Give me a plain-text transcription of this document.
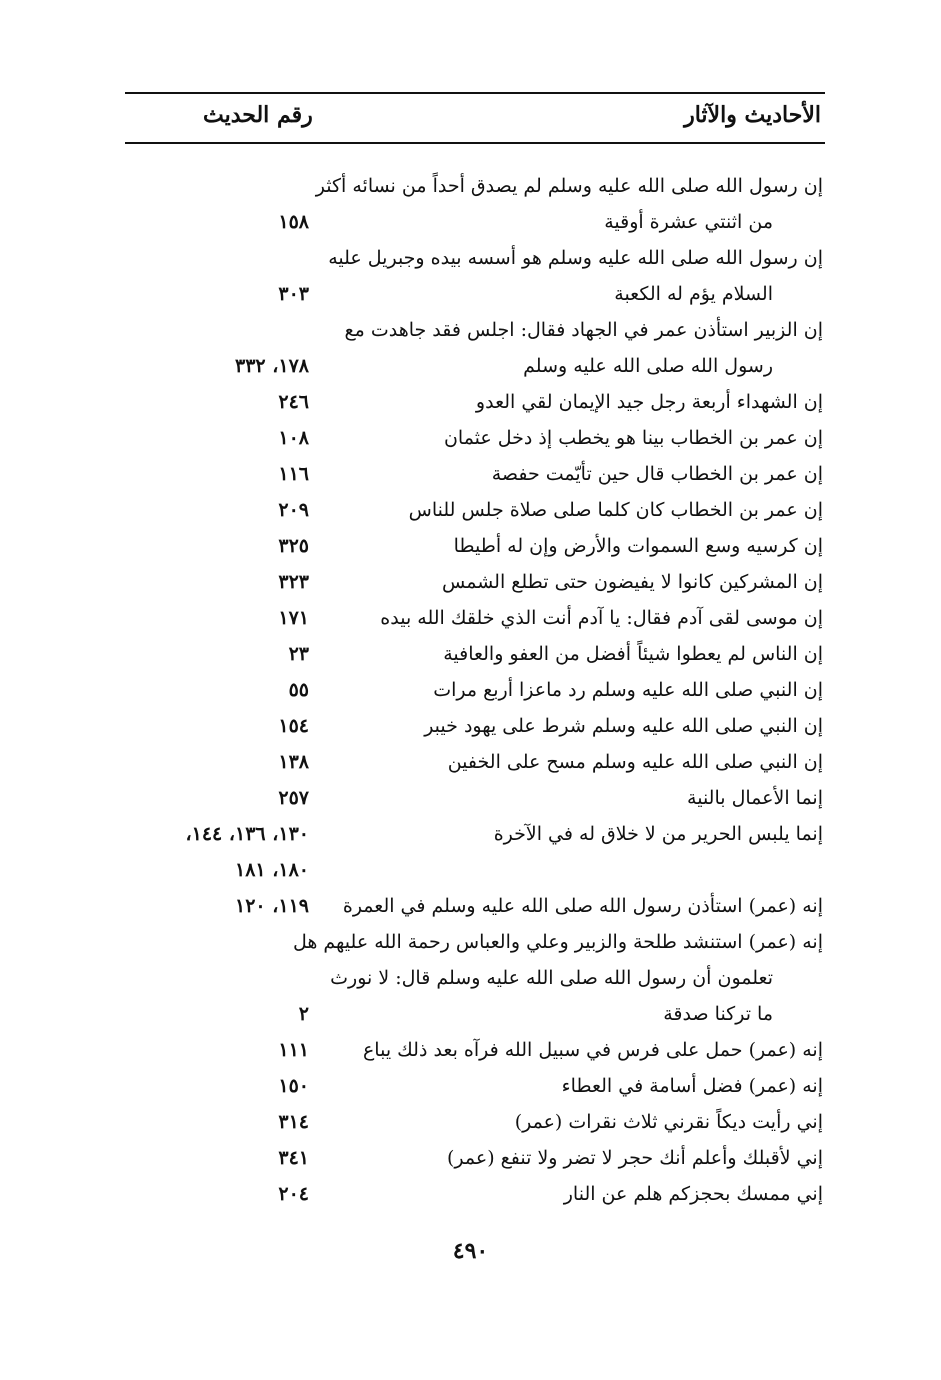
الأحاديث والآثار
رقم الحديث
إن رسول الله صلى الله عليه وسلم لم يصدق أحداً من نسائه أكثر
من اثنتي عشرة أوقية
١٥٨
إن رسول الله صلى الله عليه وسلم هو أسسه بيده وجبريل عليه
السلام يؤم له الكعبة
٣٠٣
إن الزبير استأذن عمر في الجهاد فقال: اجلس فقد جاهدت مع
رسول الله صلى الله عليه وسلم
١٧٨، ٣٣٢
إن الشهداء أربعة رجل جيد الإيمان لقي العدو
٢٤٦
إن عمر بن الخطاب بينا هو يخطب إذ دخل عثمان
١٠٨
إن عمر بن الخطاب قال حين تأيّمت حفصة
١١٦
إن عمر بن الخطاب كان كلما صلى صلاة جلس للناس
٢٠٩
إن كرسيه وسع السموات والأرض وإن له أطيطا
٣٢٥
إن المشركين كانوا لا يفيضون حتى تطلع الشمس
٣٢٣
إن موسى لقى آدم فقال: يا آدم أنت الذي خلقك الله بيده
١٧١
إن الناس لم يعطوا شيئاً أفضل من العفو والعافية
٢٣
إن النبي صلى الله عليه وسلم رد ماعزا أربع مرات
٥٥
إن النبي صلى الله عليه وسلم شرط على يهود خيبر
١٥٤
إن النبي صلى الله عليه وسلم مسح على الخفين
١٣٨
إنما الأعمال بالنية
٢٥٧
إنما يلبس الحرير من لا خلاق له في الآخرة
١٣٠، ١٣٦، ١٤٤،
١٨٠، ١٨١
إنه (عمر) استأذن رسول الله صلى الله عليه وسلم في العمرة
١١٩، ١٢٠
إنه (عمر) استنشد طلحة والزبير وعلي والعباس رحمة الله عليهم هل
تعلمون أن رسول الله صلى الله عليه وسلم قال: لا نورث
ما تركنا صدقة
٢
إنه (عمر) حمل على فرس في سبيل الله فرآه بعد ذلك يباع
١١١
إنه (عمر) فضل أسامة في العطاء
١٥٠
إني رأيت ديكاً نقرني ثلاث نقرات (عمر)
٣١٤
إني لأقبلك وأعلم أنك حجر لا تضر ولا تنفع (عمر)
٣٤١
إني ممسك بحجزكم هلم عن النار
٢٠٤
٤٩٠
